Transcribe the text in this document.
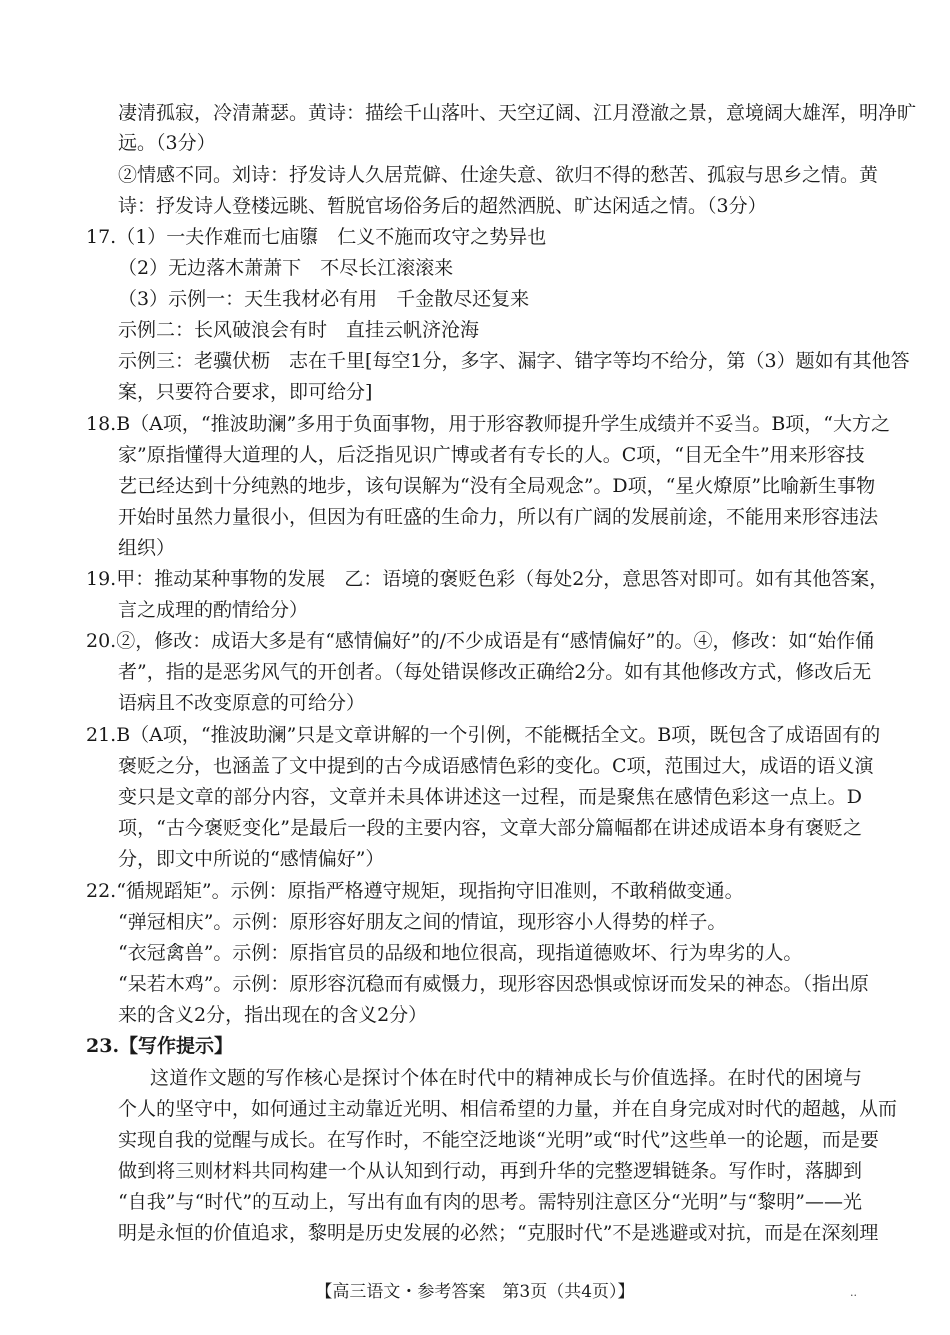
凄清孤寂，冷清萧瑟。黄诗：描绘千山落叶、天空辽阔、江月澄澈之景，意境阔大雄浑，明净旷
远。（3分）
②情感不同。刘诗：抒发诗人久居荒僻、仕途失意、欲归不得的愁苦、孤寂与思乡之情。黄
诗：抒发诗人登楼远眺、暂脱官场俗务后的超然洒脱、旷达闲适之情。（3分）
17.（1）一夫作难而七庙隳　仁义不施而攻守之势异也
（2）无边落木萧萧下　不尽长江滚滚来
（3）示例一：天生我材必有用　千金散尽还复来
示例二：长风破浪会有时　直挂云帆济沧海
示例三：老骥伏枥　志在千里[每空1分，多字、漏字、错字等均不给分，第（3）题如有其他答
案，只要符合要求，即可给分]
18.B（A项，“推波助澜”多用于负面事物，用于形容教师提升学生成绩并不妥当。B项，“大方之
家”原指懂得大道理的人，后泛指见识广博或者有专长的人。C项，“目无全牛”用来形容技
艺已经达到十分纯熟的地步，该句误解为“没有全局观念”。D项，“星火燎原”比喻新生事物
开始时虽然力量很小，但因为有旺盛的生命力，所以有广阔的发展前途，不能用来形容违法
组织）
19.甲：推动某种事物的发展　乙：语境的褒贬色彩（每处2分，意思答对即可。如有其他答案，
言之成理的酌情给分）
20.②，修改：成语大多是有“感情偏好”的/不少成语是有“感情偏好”的。④，修改：如“始作俑
者”，指的是恶劣风气的开创者。（每处错误修改正确给2分。如有其他修改方式，修改后无
语病且不改变原意的可给分）
21.B（A项，“推波助澜”只是文章讲解的一个引例，不能概括全文。B项，既包含了成语固有的
褒贬之分，也涵盖了文中提到的古今成语感情色彩的变化。C项，范围过大，成语的语义演
变只是文章的部分内容，文章并未具体讲述这一过程，而是聚焦在感情色彩这一点上。D
项，“古今褒贬变化”是最后一段的主要内容，文章大部分篇幅都在讲述成语本身有褒贬之
分，即文中所说的“感情偏好”）
22.“循规蹈矩”。示例：原指严格遵守规矩，现指拘守旧准则，不敢稍做变通。
“弹冠相庆”。示例：原形容好朋友之间的情谊，现形容小人得势的样子。
“衣冠禽兽”。示例：原指官员的品级和地位很高，现指道德败坏、行为卑劣的人。
“呆若木鸡”。示例：原形容沉稳而有威慑力，现形容因恐惧或惊讶而发呆的神态。（指出原
来的含义2分，指出现在的含义2分）
23.【写作提示】
这道作文题的写作核心是探讨个体在时代中的精神成长与价值选择。在时代的困境与
个人的坚守中，如何通过主动靠近光明、相信希望的力量，并在自身完成对时代的超越，从而
实现自我的觉醒与成长。在写作时，不能空泛地谈“光明”或“时代”这些单一的论题，而是要
做到将三则材料共同构建一个从认知到行动，再到升华的完整逻辑链条。写作时，落脚到
“自我”与“时代”的互动上，写出有血有肉的思考。需特别注意区分“光明”与“黎明”——光
明是永恒的价值追求，黎明是历史发展的必然；“克服时代”不是逃避或对抗，而是在深刻理
【高三语文・参考答案　第3页（共4页）】	..
